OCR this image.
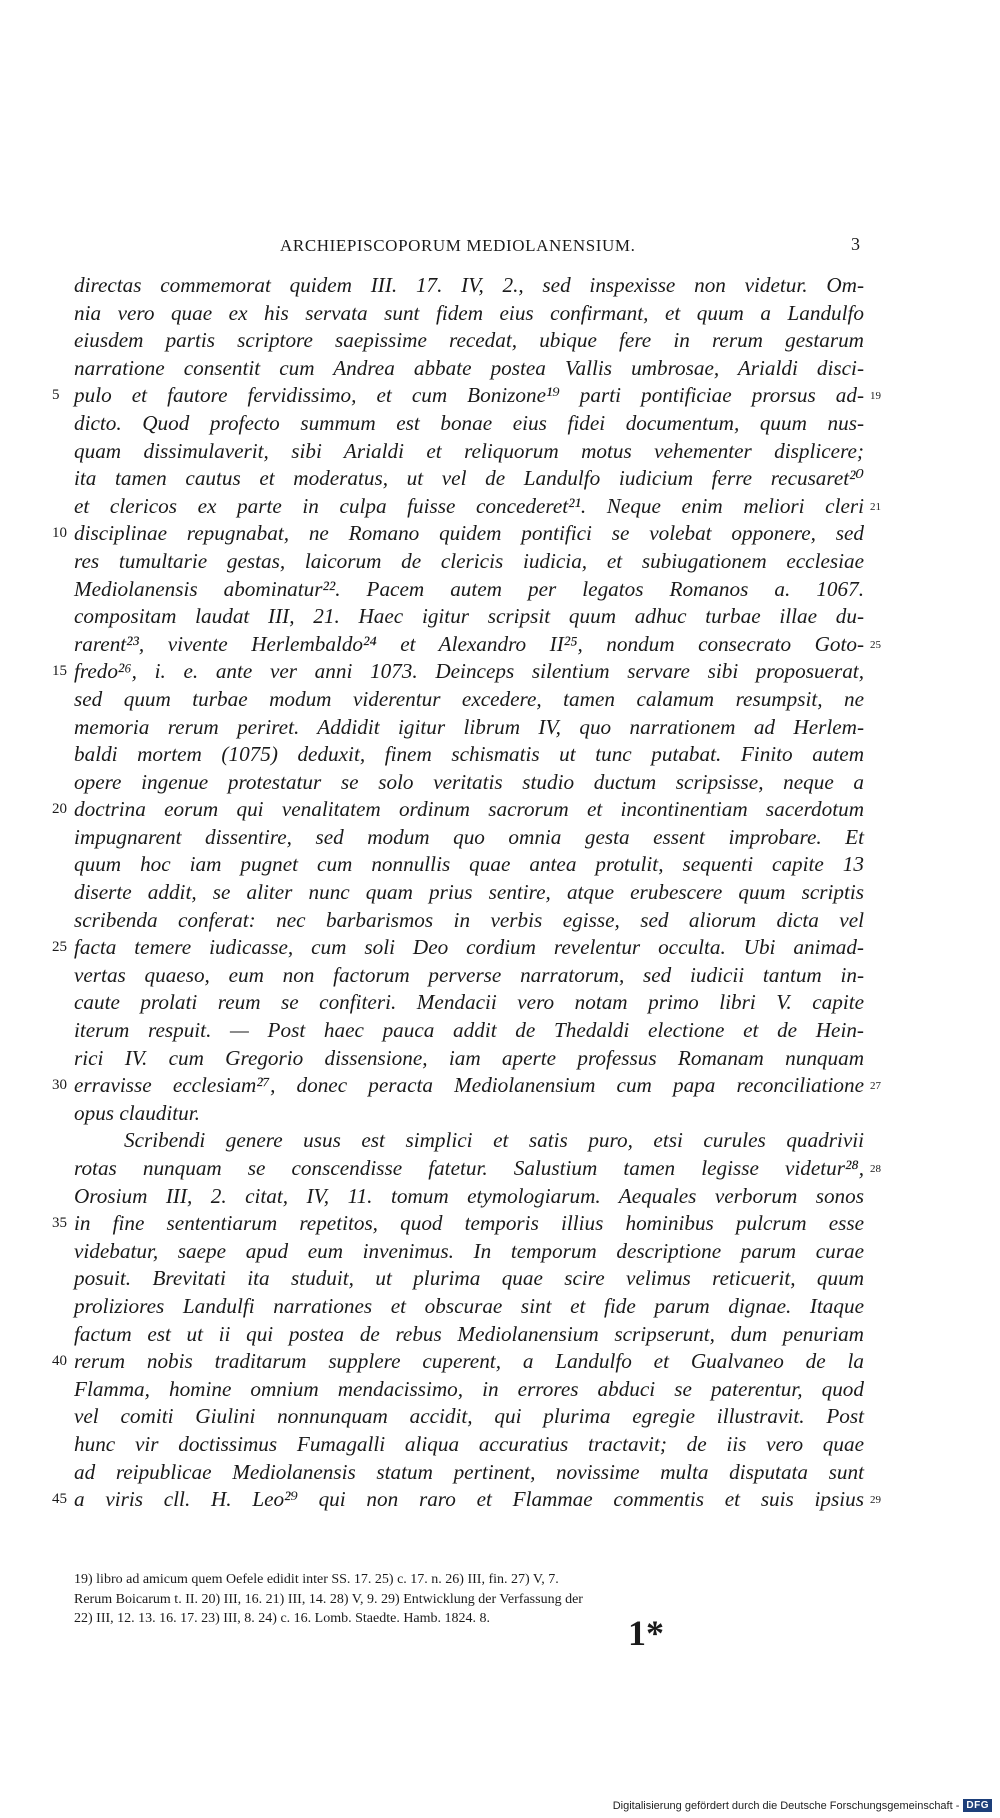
ARCHIEPISCOPORUM MEDIOLANENSIUM.	3
directas commemorat quidem III. 17. IV, 2., sed inspexisse non videtur. Om-
nia vero quae ex his servata sunt fidem eius confirmant, et quum a Landulfo
eiusdem partis scriptore saepissime recedat, ubique fere in rerum gestarum
narratione consentit cum Andrea abbate postea Vallis umbrosae, Arialdi disci-
pulo et fautore fervidissimo, et cum Bonizone¹⁹ parti pontificiae prorsus ad-
5	19
dicto. Quod profecto summum est bonae eius fidei documentum, quum nus-
quam dissimulaverit, sibi Arialdi et reliquorum motus vehementer displicere;
ita tamen cautus et moderatus, ut vel de Landulfo iudicium ferre recusaret²⁰
et clericos ex parte in culpa fuisse concederet²¹. Neque enim meliori cleri 21
disciplinae repugnabat, ne Romano quidem pontifici se volebat opponere, sed
10
res tumultarie gestas, laicorum de clericis iudicia, et subiugationem ecclesiae
Mediolanensis abominatur²². Pacem autem per legatos Romanos a. 1067.
compositam laudat III, 21. Haec igitur scripsit quum adhuc turbae illae du-
rarent²³, vivente Herlembaldo²⁴ et Alexandro II²⁵, nondum consecrato Goto- 25
fredo²⁶, i. e. ante ver anni 1073. Deinceps silentium servare sibi proposuerat,
15
sed quum turbae modum viderentur excedere, tamen calamum resumpsit, ne
memoria rerum periret. Addidit igitur librum IV, quo narrationem ad Herlem-
baldi mortem (1075) deduxit, finem schismatis ut tunc putabat. Finito autem
opere ingenue protestatur se solo veritatis studio ductum scripsisse, neque a
doctrina eorum qui venalitatem ordinum sacrorum et incontinentiam sacerdotum
20
impugnarent dissentire, sed modum quo omnia gesta essent improbare. Et
quum hoc iam pugnet cum nonnullis quae antea protulit, sequenti capite 13
diserte addit, se aliter nunc quam prius sentire, atque erubescere quum scriptis
scribenda conferat: nec barbarismos in verbis egisse, sed aliorum dicta vel
facta temere iudicasse, cum soli Deo cordium revelentur occulta. Ubi animad-
25
vertas quaeso, eum non factorum perverse narratorum, sed iudicii tantum in-
caute prolati reum se confiteri. Mendacii vero notam primo libri V. capite
iterum respuit. — Post haec pauca addit de Thedaldi electione et de Hein-
rici IV. cum Gregorio dissensione, iam aperte professus Romanam nunquam
erravisse ecclesiam²⁷, donec peracta Mediolanensium cum papa reconciliatione
30	27
opus clauditur.
Scribendi genere usus est simplici et satis puro, etsi curules quadrivii
rotas nunquam se conscendisse fatetur. Salustium tamen legisse videtur²⁸, 28
Orosium III, 2. citat, IV, 11. tomum etymologiarum. Aequales verborum sonos
in fine sententiarum repetitos, quod temporis illius hominibus pulcrum esse
35
videbatur, saepe apud eum invenimus. In temporum descriptione parum curae
posuit. Brevitati ita studuit, ut plurima quae scire velimus reticuerit, quum
proliziores Landulfi narrationes et obscurae sint et fide parum dignae. Itaque
factum est ut ii qui postea de rebus Mediolanensium scripserunt, dum penuriam
rerum nobis traditarum supplere cuperent, a Landulfo et Gualvaneo de la
40
Flamma, homine omnium mendacissimo, in errores abduci se paterentur, quod
vel comiti Giulini nonnunquam accidit, qui plurima egregie illustravit. Post
hunc vir doctissimus Fumagalli aliqua accuratius tractavit; de iis vero quae
ad reipublicae Mediolanensis statum pertinent, novissime multa disputata sunt
a viris cll. H. Leo²⁹ qui non raro et Flammae commentis et suis ipsius
45	29
19) libro ad amicum quem Oefele edidit inter SS. 17. 25) c. 17. n. 26) III, fin. 27) V, 7.
Rerum Boicarum t. II. 20) III, 16. 21) III, 14. 28) V, 9. 29) Entwicklung der Verfassung der
22) III, 12. 13. 16. 17. 23) III, 8. 24) c. 16. Lomb. Staedte. Hamb. 1824. 8.	1*
Digitalisierung gefördert durch die Deutsche Forschungsgemeinschaft - DFG
